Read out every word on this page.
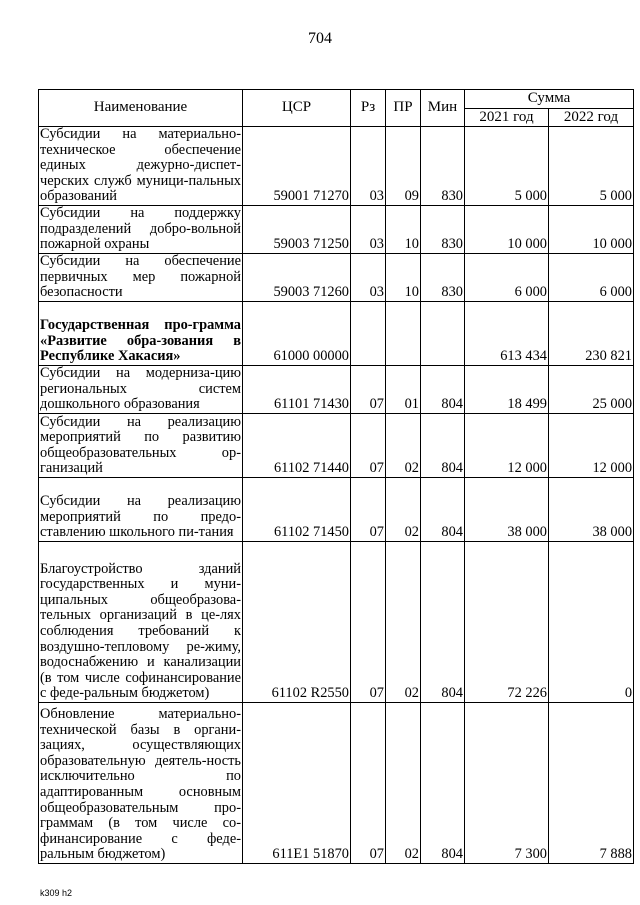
704
Наименование	ЦСР	Рз	ПР	Мин	Сумма	
					2021 год	2022 год
Субсидии на материально-техническое обеспечение единых дежурно-диспет-черских служб муници-пальных образований	59001 71270	03	09	830	5 000	5 000
Субсидии на поддержку подразделений добро-вольной пожарной охраны	59003 71250	03	10	830	10 000	10 000
Субсидии на обеспечение первичных мер пожарной безопасности	59003 71260	03	10	830	6 000	6 000
Государственная про-грамма «Развитие обра-зования в Республике Хакасия»	61000 00000				613 434	230 821
Субсидии на модерниза-цию региональных систем дошкольного образования	61101 71430	07	01	804	18 499	25 000
Субсидии на реализацию мероприятий по развитию общеобразовательных ор-ганизаций	61102 71440	07	02	804	12 000	12 000
Субсидии на реализацию мероприятий по предо-ставлению школьного пи-тания	61102 71450	07	02	804	38 000	38 000
Благоустройство зданий государственных и муни-ципальных общеобразова-тельных организаций в це-лях соблюдения требований к воздушно-тепловому ре-жиму, водоснабжению и канализации (в том числе софинансирование с феде-ральным бюджетом)	61102 R2550	07	02	804	72 226	0
Обновление материально-технической базы в органи-зациях, осуществляющих образовательную деятель-ность исключительно по адаптированным основным общеобразовательным про-граммам (в том числе со-финансирование с феде-ральным бюджетом)	611E1 51870	07	02	804	7 300	7 888
k309 h2
